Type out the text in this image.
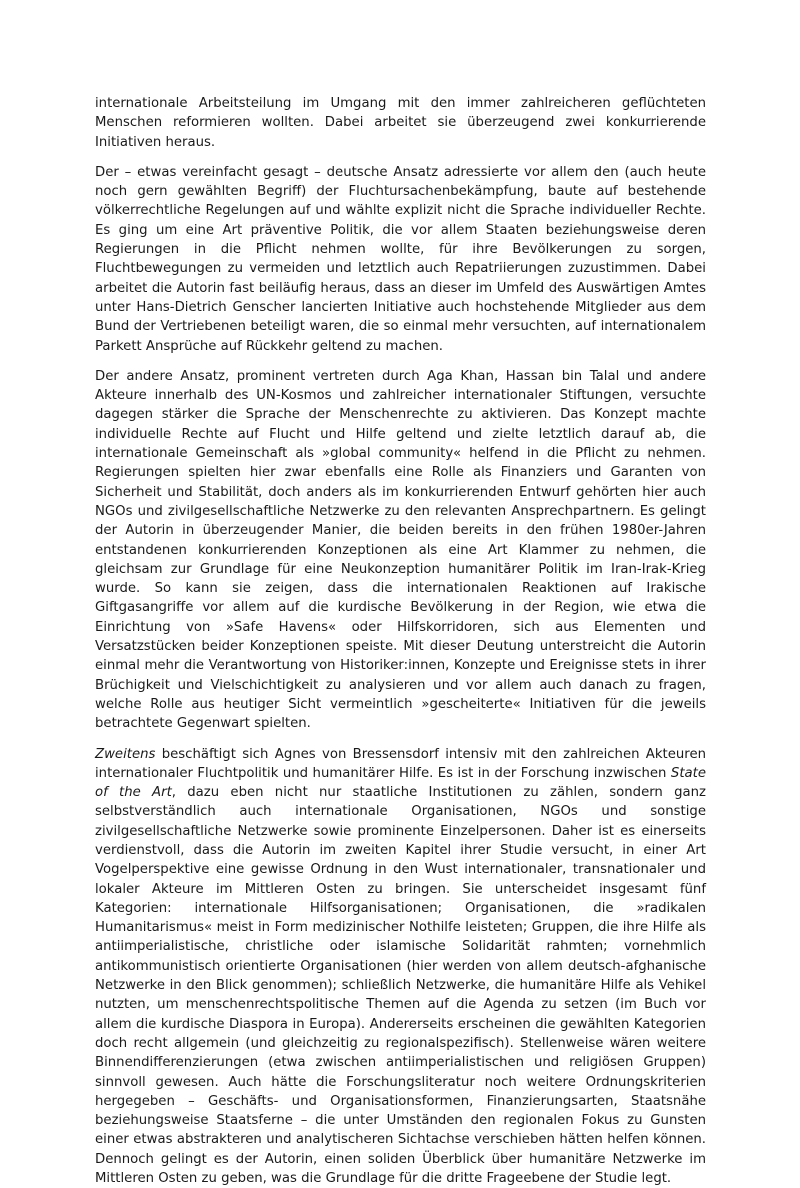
internationale Arbeitsteilung im Umgang mit den immer zahlreicheren geflüchteten Menschen reformieren wollten. Dabei arbeitet sie überzeugend zwei konkurrierende Initiativen heraus.

Der – etwas vereinfacht gesagt – deutsche Ansatz adressierte vor allem den (auch heute noch gern gewählten Begriff) der Fluchtursachenbekämpfung, baute auf bestehende völkerrechtliche Regelungen auf und wählte explizit nicht die Sprache individueller Rechte. Es ging um eine Art präventive Politik, die vor allem Staaten beziehungsweise deren Regierungen in die Pflicht nehmen wollte, für ihre Bevölkerungen zu sorgen, Fluchtbewegungen zu vermeiden und letztlich auch Repatriierungen zuzustimmen. Dabei arbeitet die Autorin fast beiläufig heraus, dass an dieser im Umfeld des Auswärtigen Amtes unter Hans-Dietrich Genscher lancierten Initiative auch hochstehende Mitglieder aus dem Bund der Vertriebenen beteiligt waren, die so einmal mehr versuchten, auf internationalem Parkett Ansprüche auf Rückkehr geltend zu machen.

Der andere Ansatz, prominent vertreten durch Aga Khan, Hassan bin Talal und andere Akteure innerhalb des UN-Kosmos und zahlreicher internationaler Stiftungen, versuchte dagegen stärker die Sprache der Menschenrechte zu aktivieren. Das Konzept machte individuelle Rechte auf Flucht und Hilfe geltend und zielte letztlich darauf ab, die internationale Gemeinschaft als »global community« helfend in die Pflicht zu nehmen. Regierungen spielten hier zwar ebenfalls eine Rolle als Finanziers und Garanten von Sicherheit und Stabilität, doch anders als im konkurrierenden Entwurf gehörten hier auch NGOs und zivilgesellschaftliche Netzwerke zu den relevanten Ansprechpartnern. Es gelingt der Autorin in überzeugender Manier, die beiden bereits in den frühen 1980er-Jahren entstandenen konkurrierenden Konzeptionen als eine Art Klammer zu nehmen, die gleichsam zur Grundlage für eine Neukonzeption humanitärer Politik im Iran-Irak-Krieg wurde. So kann sie zeigen, dass die internationalen Reaktionen auf Irakische Giftgasangriffe vor allem auf die kurdische Bevölkerung in der Region, wie etwa die Einrichtung von »Safe Havens« oder Hilfskorridoren, sich aus Elementen und Versatzstücken beider Konzeptionen speiste. Mit dieser Deutung unterstreicht die Autorin einmal mehr die Verantwortung von Historiker:innen, Konzepte und Ereignisse stets in ihrer Brüchigkeit und Vielschichtigkeit zu analysieren und vor allem auch danach zu fragen, welche Rolle aus heutiger Sicht vermeintlich »gescheiterte« Initiativen für die jeweils betrachtete Gegenwart spielten.

Zweitens beschäftigt sich Agnes von Bressensdorf intensiv mit den zahlreichen Akteuren internationaler Fluchtpolitik und humanitärer Hilfe. Es ist in der Forschung inzwischen State of the Art, dazu eben nicht nur staatliche Institutionen zu zählen, sondern ganz selbstverständlich auch internationale Organisationen, NGOs und sonstige zivilgesellschaftliche Netzwerke sowie prominente Einzelpersonen. Daher ist es einerseits verdienstvoll, dass die Autorin im zweiten Kapitel ihrer Studie versucht, in einer Art Vogelperspektive eine gewisse Ordnung in den Wust internationaler, transnationaler und lokaler Akteure im Mittleren Osten zu bringen. Sie unterscheidet insgesamt fünf Kategorien: internationale Hilfsorganisationen; Organisationen, die »radikalen Humanitarismus« meist in Form medizinischer Nothilfe leisteten; Gruppen, die ihre Hilfe als antiimperialistische, christliche oder islamische Solidarität rahmten; vornehmlich antikommunistisch orientierte Organisationen (hier werden von allem deutsch-afghanische Netzwerke in den Blick genommen); schließlich Netzwerke, die humanitäre Hilfe als Vehikel nutzten, um menschenrechtspolitische Themen auf die Agenda zu setzen (im Buch vor allem die kurdische Diaspora in Europa). Andererseits erscheinen die gewählten Kategorien doch recht allgemein (und gleichzeitig zu regionalspezifisch). Stellenweise wären weitere Binnendifferenzierungen (etwa zwischen antiimperialistischen und religiösen Gruppen) sinnvoll gewesen. Auch hätte die Forschungsliteratur noch weitere Ordnungskriterien hergegeben – Geschäfts- und Organisationsformen, Finanzierungsarten, Staatsnähe beziehungsweise Staatsferne – die unter Umständen den regionalen Fokus zu Gunsten einer etwas abstrakteren und analytischeren Sichtachse verschieben hätten helfen können. Dennoch gelingt es der Autorin, einen soliden Überblick über humanitäre Netzwerke im Mittleren Osten zu geben, was die Grundlage für die dritte Frageebene der Studie legt.
